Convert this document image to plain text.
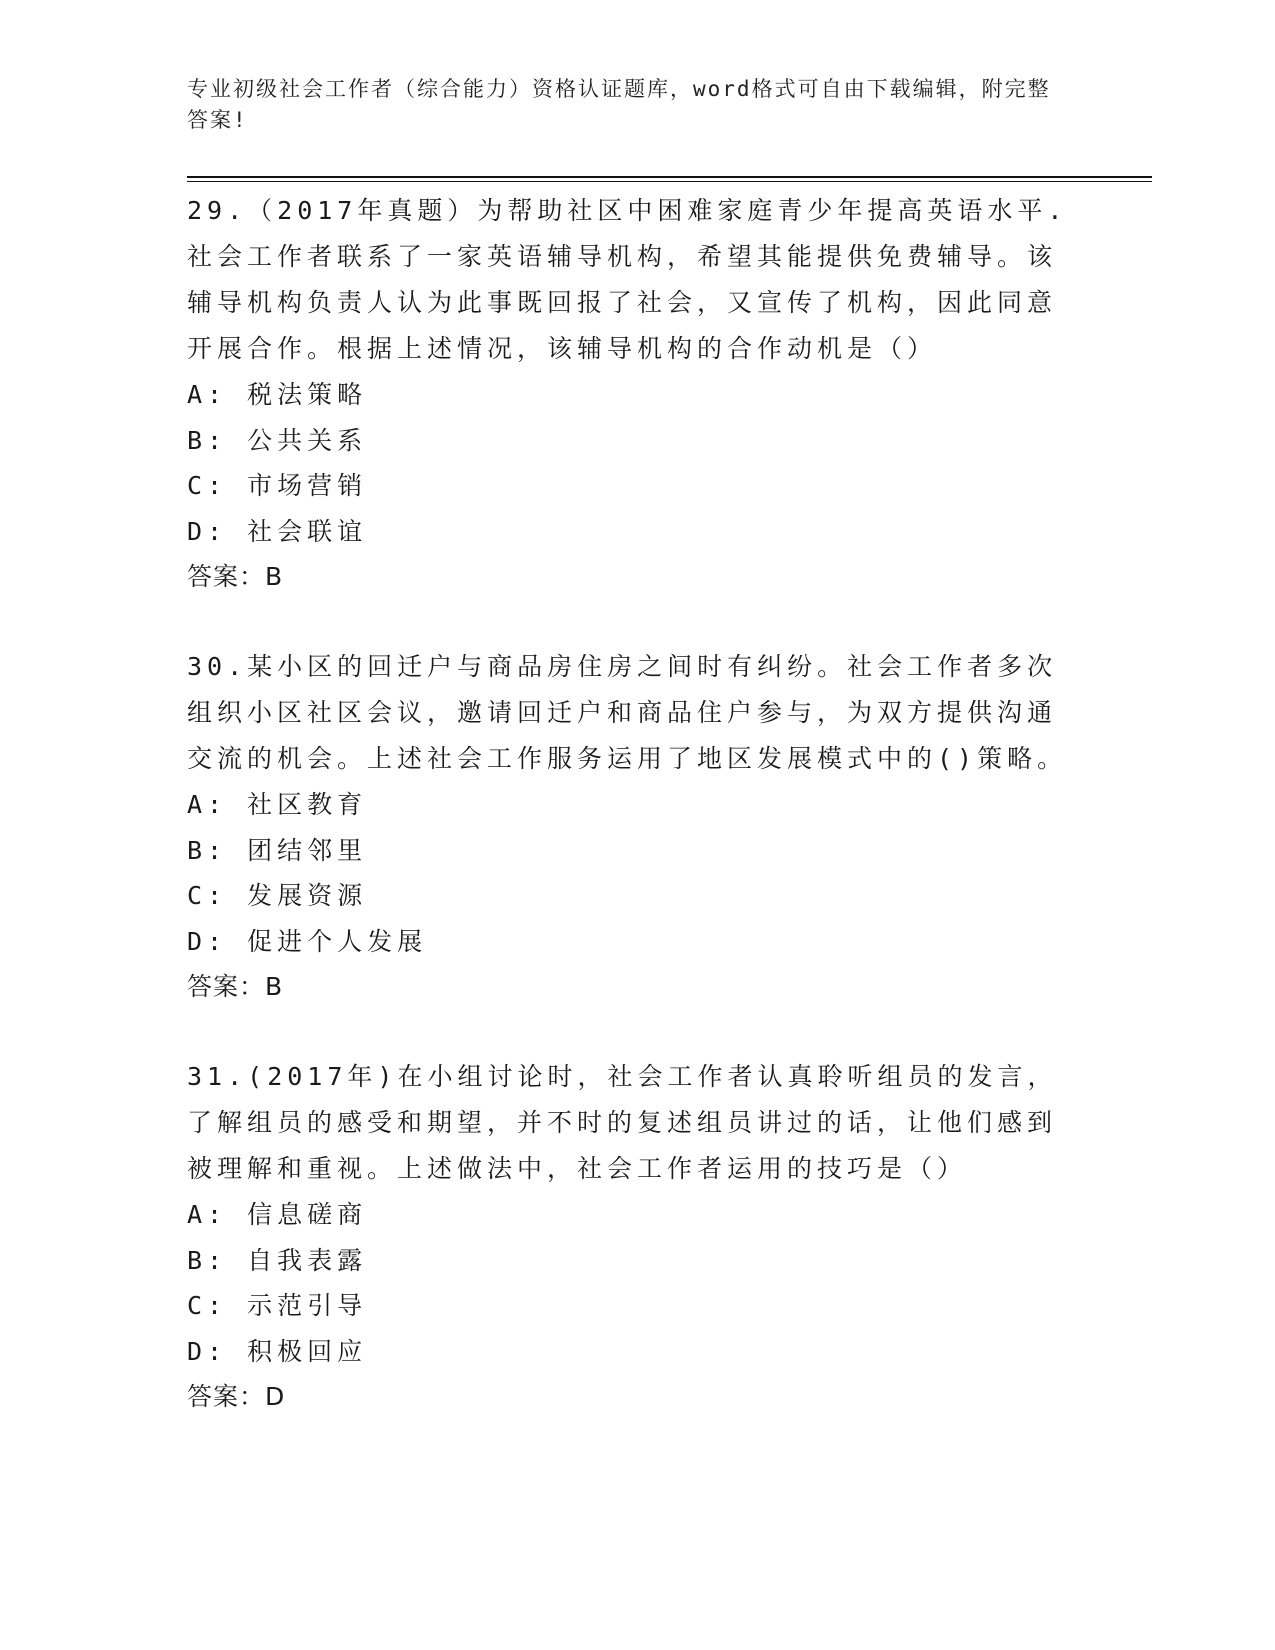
专业初级社会工作者（综合能力）资格认证题库，word格式可自由下载编辑，附完整答案!
29.（2017年真题）为帮助社区中困难家庭青少年提高英语水平.社会工作者联系了一家英语辅导机构，希望其能提供免费辅导。该辅导机构负责人认为此事既回报了社会，又宣传了机构，因此同意开展合作。根据上述情况，该辅导机构的合作动机是（）
A: 税法策略
B: 公共关系
C: 市场营销
D: 社会联谊
答案：B
30.某小区的回迁户与商品房住房之间时有纠纷。社会工作者多次组织小区社区会议，邀请回迁户和商品住户参与，为双方提供沟通交流的机会。上述社会工作服务运用了地区发展模式中的()策略。
A: 社区教育
B: 团结邻里
C: 发展资源
D: 促进个人发展
答案：B
31.(2017年)在小组讨论时，社会工作者认真聆听组员的发言，了解组员的感受和期望，并不时的复述组员讲过的话，让他们感到被理解和重视。上述做法中，社会工作者运用的技巧是（）
A: 信息磋商
B: 自我表露
C: 示范引导
D: 积极回应
答案：D
